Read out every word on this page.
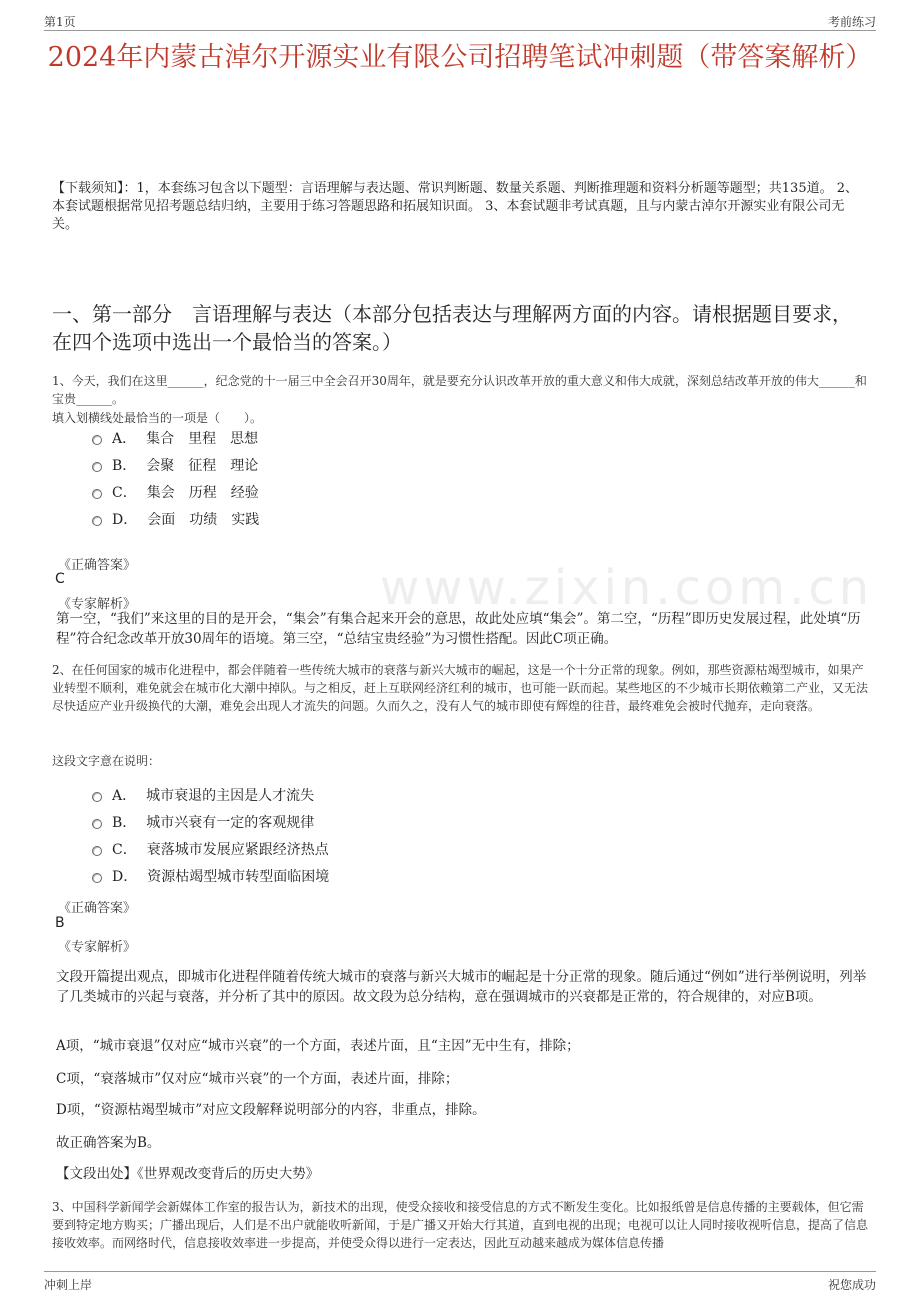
第1页	考前练习
www.zixin.com.cn
2024年内蒙古淖尔开源实业有限公司招聘笔试冲刺题（带答案解析）
【下载须知】：1，本套练习包含以下题型：言语理解与表达题、常识判断题、数量关系题、判断推理题和资料分析题等题型；共135道。 2、本套试题根据常见招考题总结归纳，主要用于练习答题思路和拓展知识面。 3、本套试题非考试真题，且与内蒙古淖尔开源实业有限公司无关。
一、第一部分　言语理解与表达（本部分包括表达与理解两方面的内容。请根据题目要求，在四个选项中选出一个最恰当的答案。）
1、今天，我们在这里______，纪念党的十一届三中全会召开30周年，就是要充分认识改革开放的重大意义和伟大成就，深刻总结改革开放的伟大______和宝贵______。
填入划横线处最恰当的一项是（　　）。
A． 集合　里程　思想
B． 会聚　征程　理论
C． 集会　历程　经验
D． 会面　功绩　实践
《正确答案》
C
《专家解析》
第一空，“我们”来这里的目的是开会，“集会”有集合起来开会的意思，故此处应填“集会”。第二空，“历程”即历史发展过程，此处填“历程”符合纪念改革开放30周年的语境。第三空，“总结宝贵经验”为习惯性搭配。因此C项正确。
2、在任何国家的城市化进程中，都会伴随着一些传统大城市的衰落与新兴大城市的崛起，这是一个十分正常的现象。例如，那些资源枯竭型城市，如果产业转型不顺利，难免就会在城市化大潮中掉队。与之相反，赶上互联网经济红利的城市，也可能一跃而起。某些地区的不少城市长期依赖第二产业，又无法尽快适应产业升级换代的大潮，难免会出现人才流失的问题。久而久之，没有人气的城市即使有辉煌的往昔，最终难免会被时代抛弃，走向衰落。
这段文字意在说明：
A． 城市衰退的主因是人才流失
B． 城市兴衰有一定的客观规律
C． 衰落城市发展应紧跟经济热点
D． 资源枯竭型城市转型面临困境
《正确答案》
B
《专家解析》
文段开篇提出观点，即城市化进程伴随着传统大城市的衰落与新兴大城市的崛起是十分正常的现象。随后通过“例如”进行举例说明，列举了几类城市的兴起与衰落，并分析了其中的原因。故文段为总分结构，意在强调城市的兴衰都是正常的，符合规律的，对应B项。
A项，“城市衰退”仅对应“城市兴衰”的一个方面，表述片面，且“主因”无中生有，排除；
C项，“衰落城市”仅对应“城市兴衰”的一个方面，表述片面，排除；
D项，“资源枯竭型城市”对应文段解释说明部分的内容，非重点，排除。
故正确答案为B。
【文段出处】《世界观改变背后的历史大势》
3、中国科学新闻学会新媒体工作室的报告认为，新技术的出现，使受众接收和接受信息的方式不断发生变化。比如报纸曾是信息传播的主要载体，但它需要到特定地方购买；广播出现后，人们是不出户就能收听新闻，于是广播又开始大行其道，直到电视的出现；电视可以让人同时接收视听信息，提高了信息接收效率。而网络时代，信息接收效率进一步提高，并使受众得以进行一定表达，因此互动越来越成为媒体信息传播
冲刺上岸	祝您成功
